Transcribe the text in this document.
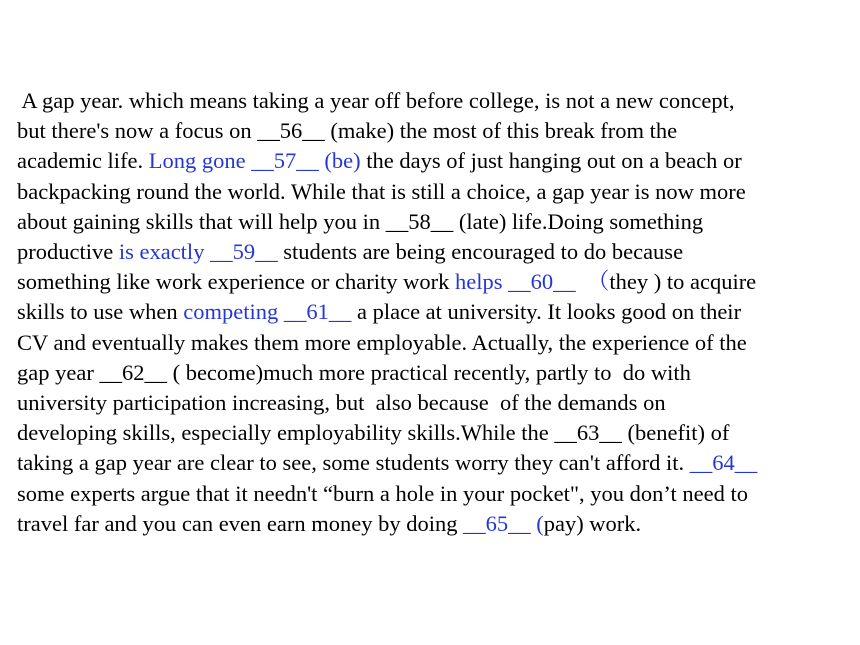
A gap year. which means taking a year off before college, is not a new concept,
but there's now a focus on __56__ (make) the most of this break from the
academic life. Long gone __57__ (be) the days of just hanging out on a beach or
backpacking round the world. While that is still a choice, a gap year is now more
about gaining skills that will help you in __58__ (late) life.Doing something
productive is exactly __59__ students are being encouraged to do because
something like work experience or charity work helps __60__  （they ) to acquire
skills to use when competing __61__ a place at university. It looks good on their
CV and eventually makes them more employable. Actually, the experience of the
gap year __62__ ( become)much more practical recently, partly to  do with
university participation increasing, but  also because  of the demands on
developing skills, especially employability skills.While the __63__ (benefit) of
taking a gap year are clear to see, some students worry they can't afford it. __64__
some experts argue that it needn't “burn a hole in your pocket", you don’t need to
travel far and you can even earn money by doing __65__ (pay) work.
